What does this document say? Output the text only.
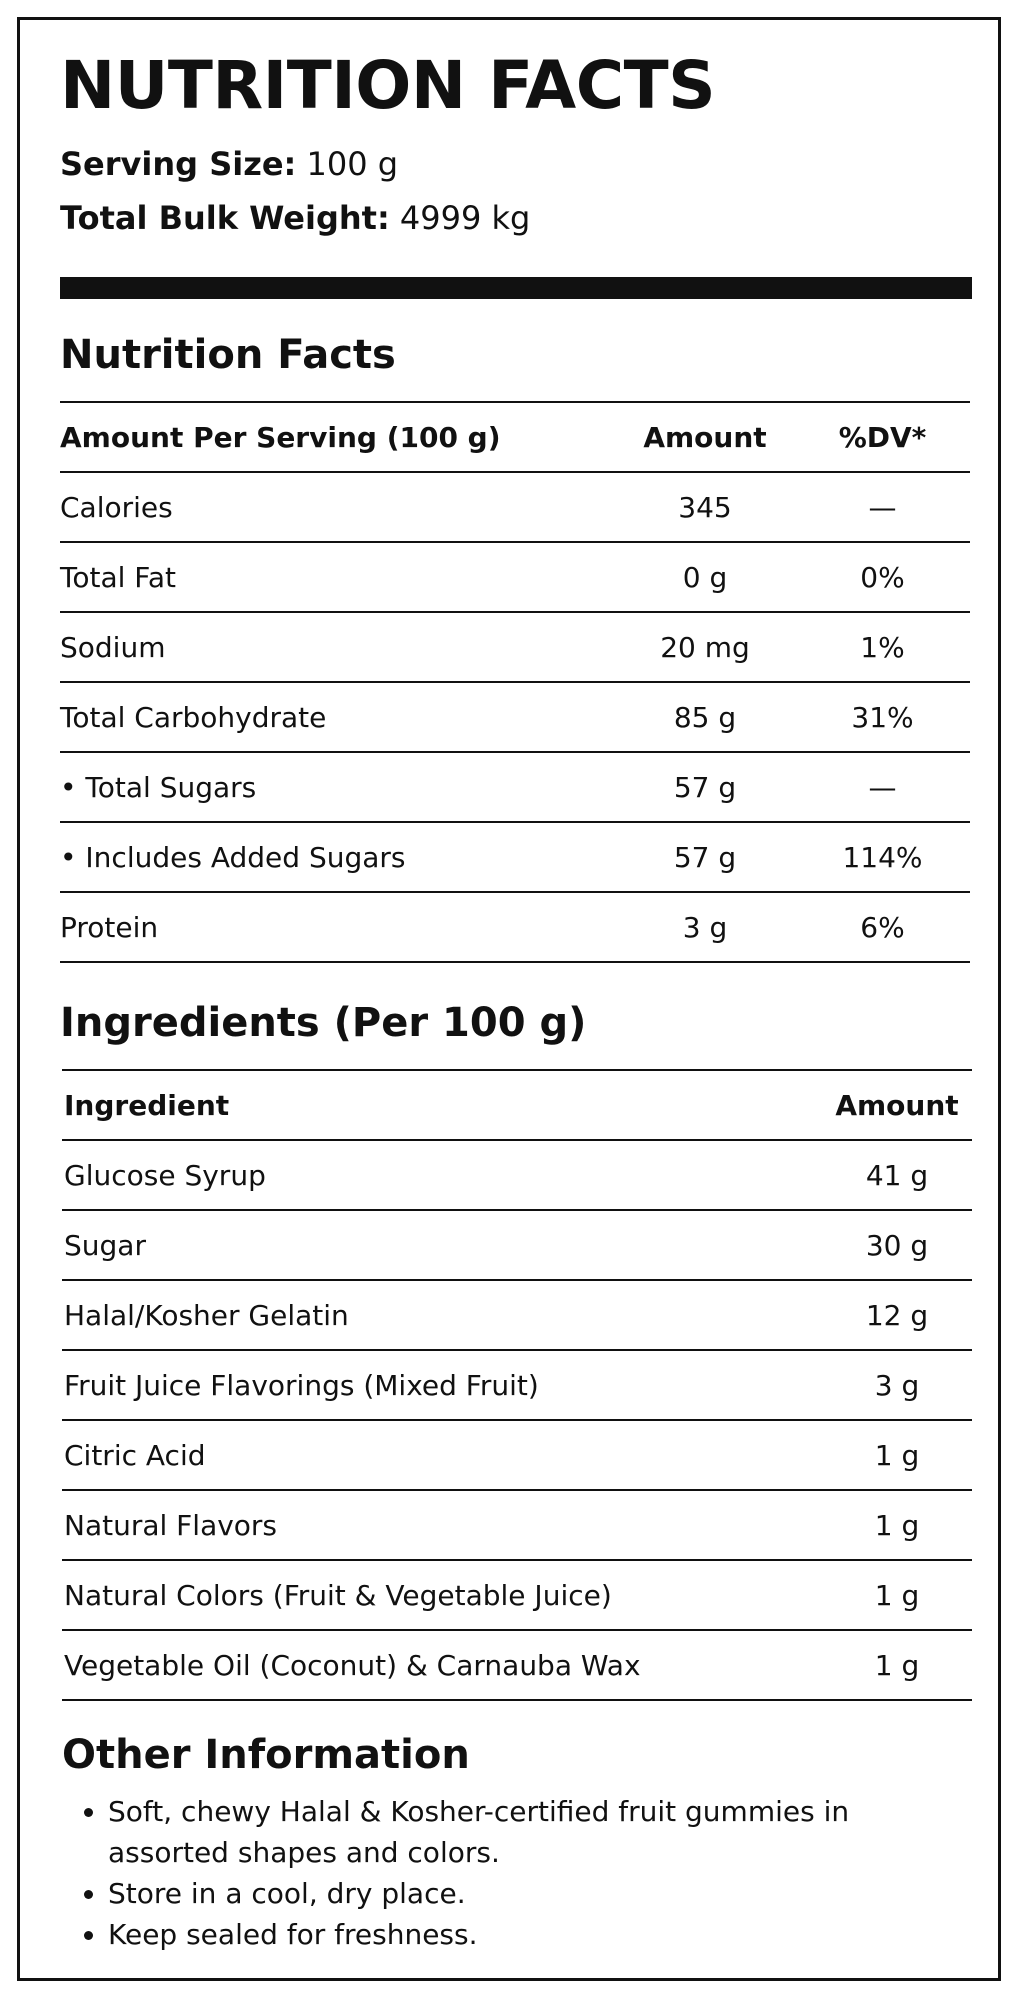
NUTRITION FACTS
Serving Size: 100 g
Total Bulk Weight: 4999 kg
Nutrition Facts
Amount Per Serving (100 g)	Amount	%DV*
Calories	345	—
Total Fat	0 g	0%
Sodium	20 mg	1%
Total Carbohydrate	85 g	31%
• Total Sugars	57 g	—
• Includes Added Sugars	57 g	114%
Protein	3 g	6%
Ingredients (Per 100 g)
Ingredient	Amount
Glucose Syrup	41 g
Sugar	30 g
Halal/Kosher Gelatin	12 g
Fruit Juice Flavorings (Mixed Fruit)	3 g
Citric Acid	1 g
Natural Flavors	1 g
Natural Colors (Fruit & Vegetable Juice)	1 g
Vegetable Oil (Coconut) & Carnauba Wax	1 g
Other Information
• Soft, chewy Halal & Kosher-certified fruit gummies in assorted shapes and colors.
• Store in a cool, dry place.
• Keep sealed for freshness.
